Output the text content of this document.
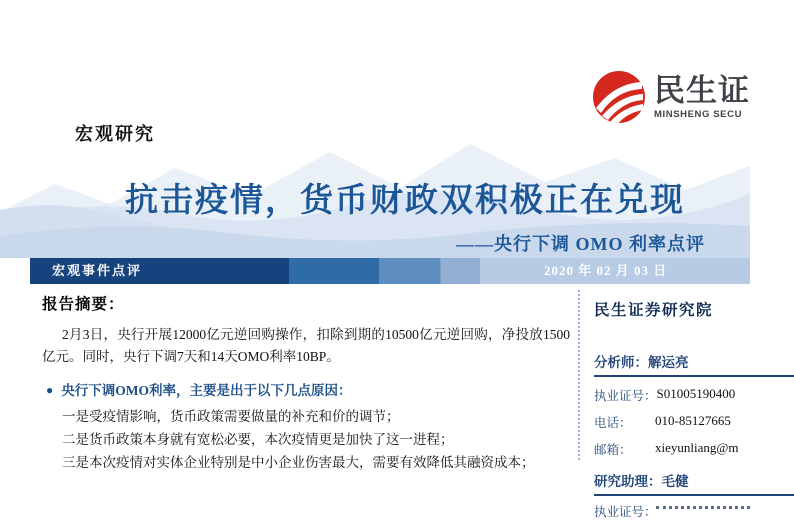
宏观研究
民生证
MINSHENG SECU
抗击疫情，货币财政双积极正在兑现
——央行下调 OMO 利率点评
宏观事件点评	2020 年 02 月 03 日
报告摘要：
2月3日，央行开展12000亿元逆回购操作，扣除到期的10500亿元逆回购，净投放1500亿元。同时，央行下调7天和14天OMO利率10BP。
● 央行下调OMO利率，主要是出于以下几点原因：
一是受疫情影响，货币政策需要做量的补充和价的调节；
二是货币政策本身就有宽松必要，本次疫情更是加快了这一进程；
三是本次疫情对实体企业特别是中小企业伤害最大，需要有效降低其融资成本；
民生证券研究院
分析师：解运亮
执业证号： S01005190400
电话：	010-85127665
邮箱：	xieyunliang@m
研究助理：毛健
执业证号：
